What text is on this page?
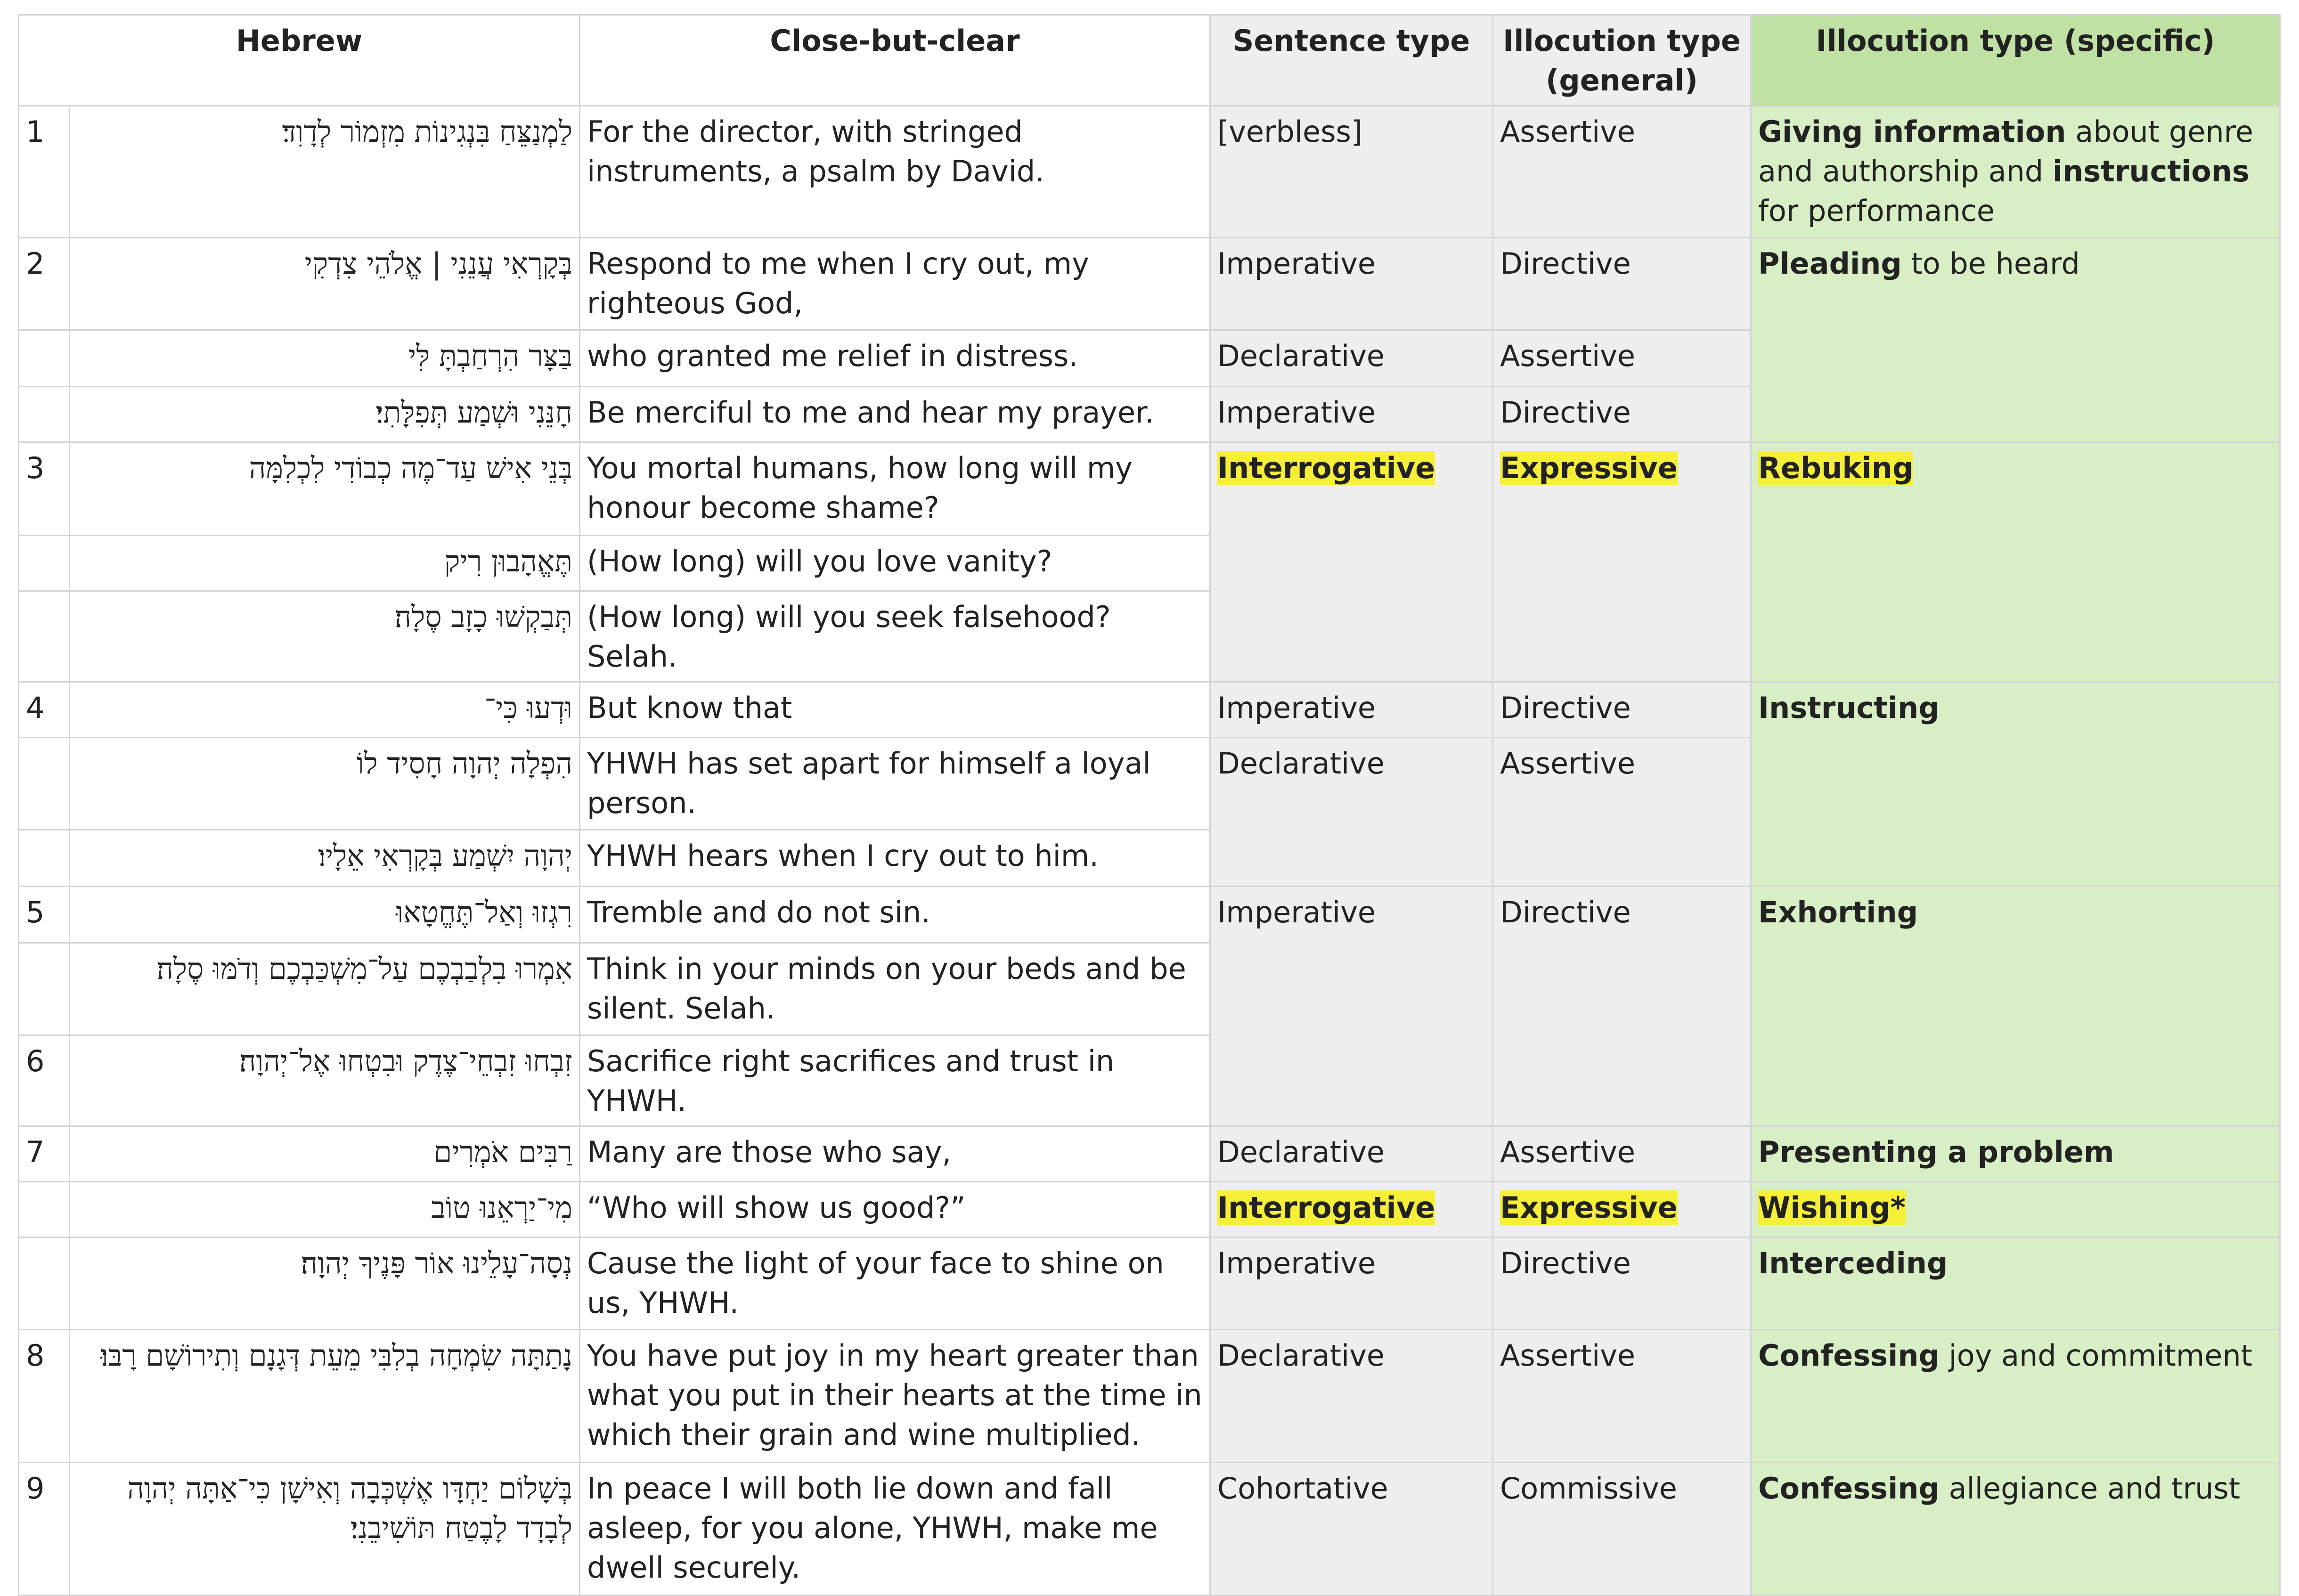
Hebrew		Close-but-clear	Sentence type	Illocution type (general)	Illocution type (specific)
1	לַמְנַצֵּחַ בִּנְגִינוֹת מִזְמוֹר לְדָוִד׃	For the director, with stringed instruments, a psalm by David.	[verbless]	Assertive	Giving information about genre and authorship and instructions for performance
2	בְּקָרְאִי עֲנֵנִי | אֱלֹהֵי צִדְקִי	Respond to me when I cry out, my righteous God,	Imperative	Directive	Pleading to be heard
	בַּצָּר הִרְחַבְתָּ לִּי	who granted me relief in distress.	Declarative	Assertive	
	חָנֵּנִי וּשְׁמַע תְּפִלָּתִי׃	Be merciful to me and hear my prayer.	Imperative	Directive	
3	בְּנֵי אִישׁ עַד־מֶה כְבוֹדִי לִכְלִמָּה	You mortal humans, how long will my honour become shame?	Interrogative	Expressive	Rebuking
	תֶּאֱהָבוּן רִיק	(How long) will you love vanity?			
	תְּבַקְשׁוּ כָזָב סֶלָה׃	(How long) will you seek falsehood? Selah.			
4	וּדְעוּ כִּי־	But know that	Imperative	Directive	Instructing
	הִפְלָה יְהוָה חָסִיד לוֹ	YHWH has set apart for himself a loyal person.	Declarative	Assertive	
	יְהוָה יִשְׁמַע בְּקָרְאִי אֵלָיו׃	YHWH hears when I cry out to him.			
5	רִגְזוּ וְאַל־תֶּחֱטָאוּ	Tremble and do not sin.	Imperative	Directive	Exhorting
	אִמְרוּ בִלְבַבְכֶם עַל־מִשְׁכַּבְכֶם וְדֹמּוּ סֶלָה׃	Think in your minds on your beds and be silent. Selah.			
6	זִבְחוּ זִבְחֵי־צֶדֶק וּבִטְחוּ אֶל־יְהוָה׃	Sacrifice right sacrifices and trust in YHWH.			
7	רַבִּים אֹמְרִים	Many are those who say,	Declarative	Assertive	Presenting a problem
	מִי־יַרְאֵנוּ טוֹב	“Who will show us good?”	Interrogative	Expressive	Wishing*
	נְסָה־עָלֵינוּ אוֹר פָּנֶיךָ יְהוָה׃	Cause the light of your face to shine on us, YHWH.	Imperative	Directive	Interceding
8	נָתַתָּה שִׂמְחָה בְלִבִּי מֵעֵת דְּגָנָם וְתִירוֹשָׁם רָבּוּ׃	You have put joy in my heart greater than what you put in their hearts at the time in which their grain and wine multiplied.	Declarative	Assertive	Confessing joy and commitment
9	בְּשָׁלוֹם יַחְדָּו אֶשְׁכְּבָה וְאִישָׁן כִּי־אַתָּה יְהוָה לְבָדָד לָבֶטַח תּוֹשִׁיבֵנִי׃	In peace I will both lie down and fall asleep, for you alone, YHWH, make me dwell securely.	Cohortative	Commissive	Confessing allegiance and trust
